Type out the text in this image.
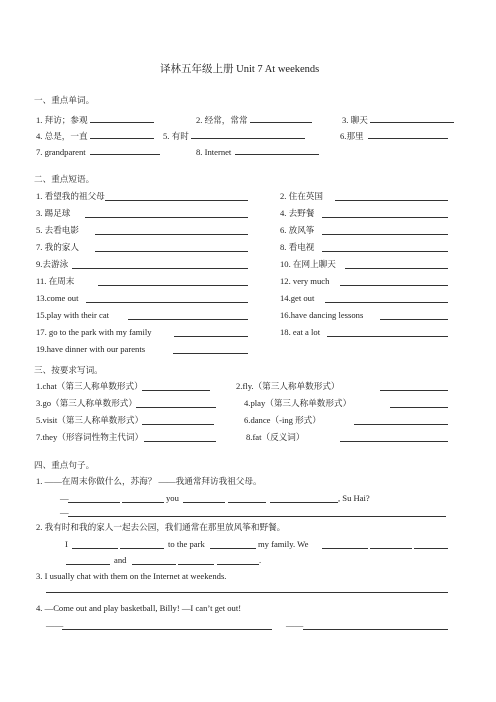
译林五年级上册 Unit 7 At weekends
一、重点单词。
1. 拜访；参观	2. 经常，常常	3. 聊天
4. 总是，一直	5. 有时	6.那里
7. grandparent	8. Internet
二、重点短语。
1. 看望我的祖父母	2. 住在英国
3. 踢足球	4. 去野餐
5. 去看电影	6. 放风筝
7. 我的家人	8. 看电视
9.去游泳	10. 在网上聊天
11. 在周末	12. very much
13.come out	14.get out
15.play with their cat	16.have dancing lessons
17. go to the park with my family	18. eat a lot
19.have dinner with our parents
三、按要求写词。
1.chat（第三人称单数形式）	2.fly.（第三人称单数形式）
3.go（第三人称单数形式）	4.play（第三人称单数形式）
5.visit（第三人称单数形式）	6.dance（-ing 形式）
7.they（形容词性物主代词）	8.fat（反义词）
四、重点句子。
1. ——在周末你做什么，苏海？ ——我通常拜访我祖父母。
—	you	, Su Hai?
—
2. 我有时和我的家人一起去公园，我们通常在那里放风筝和野餐。
I	to the park	my family. We
and	.
3. I usually chat with them on the Internet at weekends.
4. —Come out and play basketball, Billy! —I can’t get out!
——	——
